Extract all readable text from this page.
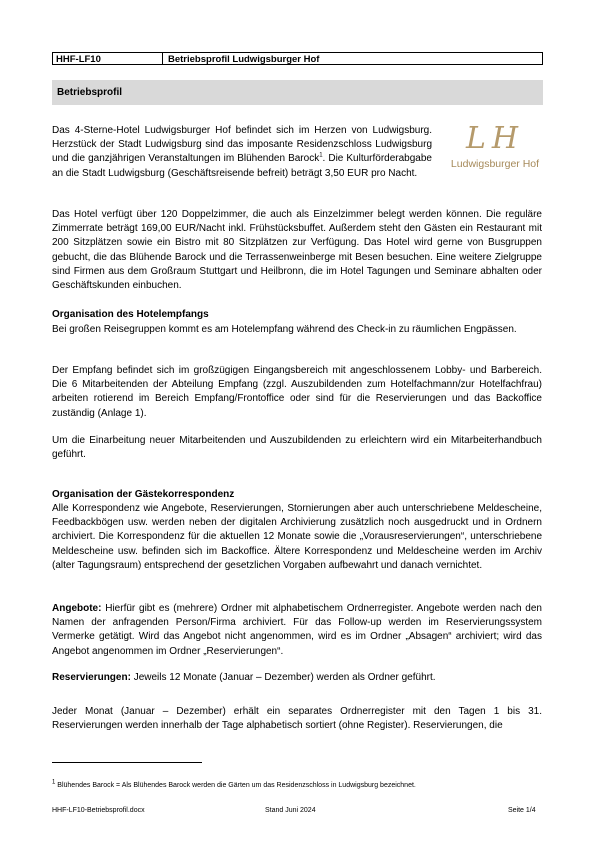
HHF-LF10	Betriebsprofil Ludwigsburger Hof
Betriebsprofil

Das 4-Sterne-Hotel Ludwigsburger Hof befindet sich im Herzen von Ludwigsburg. Herzstück der Stadt Ludwigsburg sind das imposante Residenzschloss Ludwigsburg und die ganzjährigen Veranstaltungen im Blühenden Barock$^1$. Die Kulturförderabgabe an die Stadt Ludwigsburg (Geschäftsreisende befreit) beträgt 3,50 EUR pro Nacht.

LH
Ludwigsburger Hof

Das Hotel verfügt über 120 Doppelzimmer, die auch als Einzelzimmer belegt werden können. Die reguläre Zimmerrate beträgt 169,00 EUR/Nacht inkl. Frühstücksbuffet. Außerdem steht den Gästen ein Restaurant mit 200 Sitzplätzen sowie ein Bistro mit 80 Sitzplätzen zur Verfügung. Das Hotel wird gerne von Busgruppen gebucht, die das Blühende Barock und die Terrassenweinberge mit Besen besuchen. Eine weitere Zielgruppe sind Firmen aus dem Großraum Stuttgart und Heilbronn, die im Hotel Tagungen und Seminare abhalten oder Geschäftskunden einbuchen.

Organisation des Hotelempfangs

Bei großen Reisegruppen kommt es am Hotelempfang während des Check-in zu räumlichen Engpässen.

Der Empfang befindet sich im großzügigen Eingangsbereich mit angeschlossenem Lobby- und Barbereich. Die 6 Mitarbeitenden der Abteilung Empfang (zzgl. Auszubildenden zum Hotelfachmann/zur Hotelfachfrau) arbeiten rotierend im Bereich Empfang/Frontoffice oder sind für die Reservierungen und das Backoffice zuständig (Anlage 1).

Um die Einarbeitung neuer Mitarbeitenden und Auszubildenden zu erleichtern wird ein Mitarbeiterhandbuch geführt.

Organisation der Gästekorrespondenz

Alle Korrespondenz wie Angebote, Reservierungen, Stornierungen aber auch unterschriebene Meldescheine, Feedbackbögen usw. werden neben der digitalen Archivierung zusätzlich noch ausgedruckt und in Ordnern archiviert. Die Korrespondenz für die aktuellen 12 Monate sowie die „Vorausreservierungen“, unterschriebene Meldescheine usw. befinden sich im Backoffice. Ältere Korrespondenz und Meldescheine werden im Archiv (alter Tagungsraum) entsprechend der gesetzlichen Vorgaben aufbewahrt und danach vernichtet.

Angebote: Hierfür gibt es (mehrere) Ordner mit alphabetischem Ordnerregister. Angebote werden nach den Namen der anfragenden Person/Firma archiviert. Für das Follow-up werden im Reservierungssystem Vermerke getätigt. Wird das Angebot nicht angenommen, wird es im Ordner „Absagen“ archiviert; wird das Angebot angenommen im Ordner „Reservierungen“.

Reservierungen: Jeweils 12 Monate (Januar – Dezember) werden als Ordner geführt.

Jeder Monat (Januar – Dezember) erhält ein separates Ordnerregister mit den Tagen 1 bis 31. Reservierungen werden innerhalb der Tage alphabetisch sortiert (ohne Register). Reservierungen, die

$^1$ Blühendes Barock = Als Blühendes Barock werden die Gärten um das Residenzschloss in Ludwigsburg bezeichnet.
HHF-LF10-Betriebsprofil.docx	Stand Juni 2024	Seite 1/4
